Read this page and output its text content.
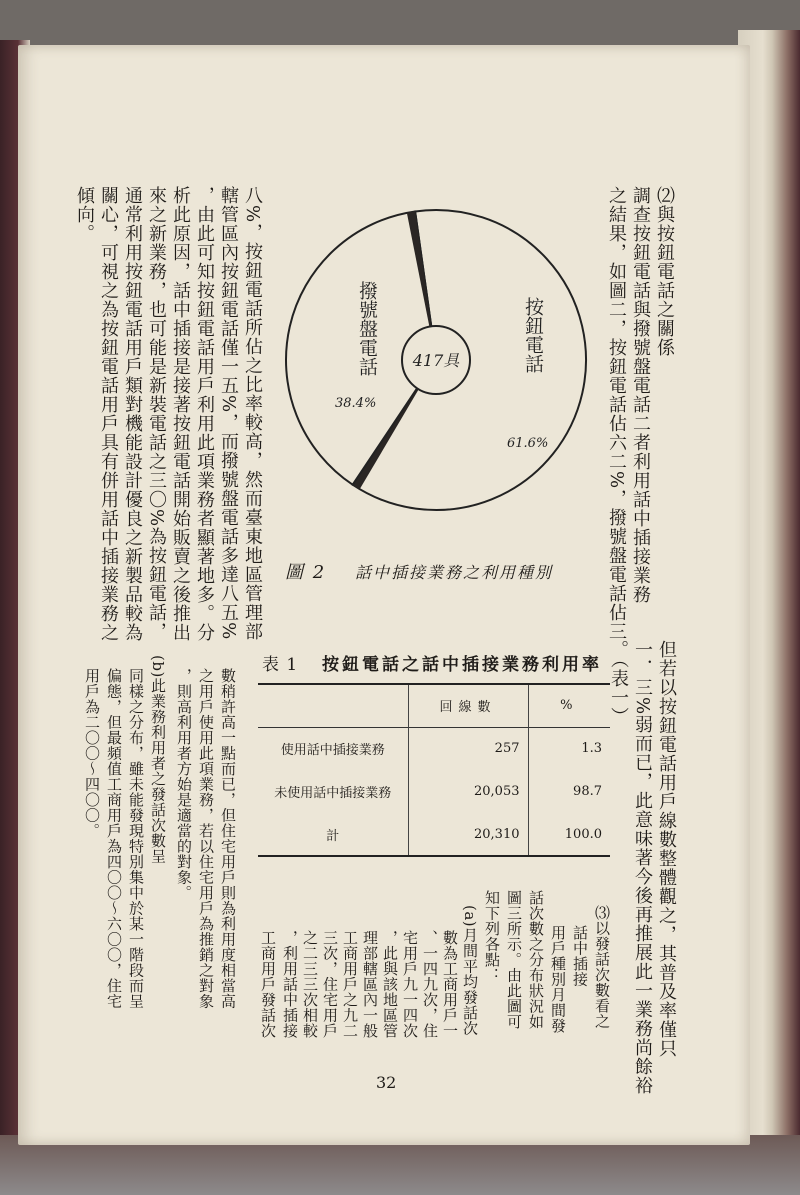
⑵與按鈕電話之關係
調查按鈕電話與撥號盤電話二者利用話中插接業務
之結果，如圖二，按鈕電話佔六二%，撥號盤電話佔三
八%，按鈕電話所佔之比率較高，然而臺東地區管理部
轄管區內按鈕電話僅一五%，而撥號盤電話多達八五%
，由此可知按鈕電話用戶利用此項業務者顯著地多。分
析此原因，話中插接是接著按鈕電話開始販賣之後推出
來之新業務，也可能是新裝電話之三〇%為按鈕電話，
通常利用按鈕電話用戶類對機能設計優良之新製品較為
關心，可視之為按鈕電話用戶具有併用話中插接業務之
傾向。
417具	按鈕電話
61.6%
撥號盤電話
38.4%
圖 2 話中插接業務之利用種別
一．三%弱而已，此意味著今後再推展此一業務尚餘裕 但若以按鈕電話用戶線數整體觀之，其普及率僅只
。（表一）
表 1 按鈕電話之話中插接業務利用率
	回線數	%
使用話中插接業務	257	1.3
未使用話中插接業務	20,053	98.7
計	20,310	100.0
⑶以發話次數看之
話中插接
用戶種別月間發
話次數之分布狀況如
圖三所示。由此圖可
知下列各點：
(a)月間平均發話次
數為工商用戶一
、一四九次，住
宅用戶九一四次
，此與該地區管
理部轄區內一般
工商用戶之九二
三次，住宅用戶
之二三三次相較
，利用話中插接
工商用戶發話次
數稍許高一點而已，但住宅用戶則為利用度相當高
之用戶使用此項業務，若以住宅用戶為推銷之對象
，則高利用者方始是適當的對象。
(b)此業務利用者之發話次數呈
同樣之分布，雖未能發現特別集中於某一階段而呈
偏態，但最頻值工商用戶為四〇〇～六〇〇，住宅
用戶為二〇〇～四〇〇。
32
